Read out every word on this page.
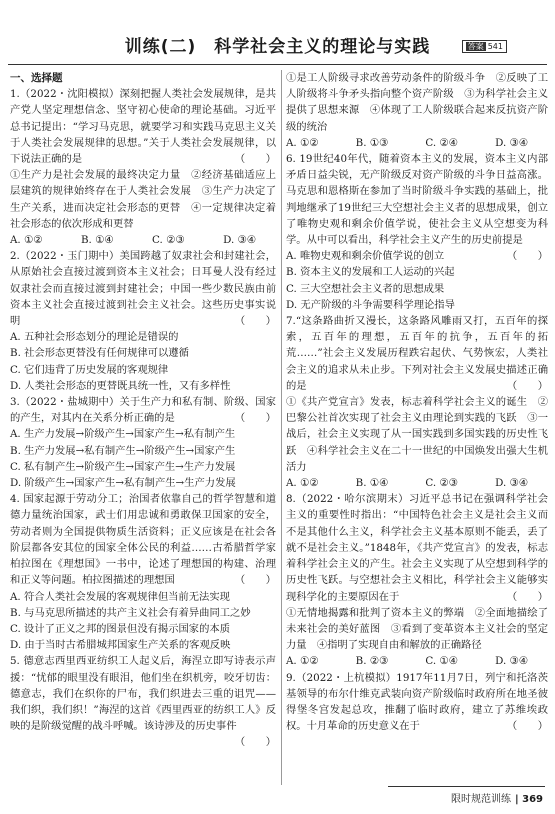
训练(二)　科学社会主义的理论与实践	答案 541

一、选择题

1.（2022・沈阳模拟）深刻把握人类社会发展规律，是共产党人坚定理想信念、坚守初心使命的理论基础。习近平总书记提出：“学习马克思，就要学习和实践马克思主义关于人类社会发展规律的思想。”关于人类社会发展规律，以下说法正确的是	（　　）

①生产力是社会发展的最终决定力量　②经济基础适应上层建筑的规律始终存在于人类社会发展　③生产力决定了生产关系，进而决定社会形态的更替　④一定规律决定着社会形态的依次形成和更替

A. ①②	B. ①④	C. ②③	D. ③④

2.（2022・玉门期中）美国跨越了奴隶社会和封建社会，从原始社会直接过渡到资本主义社会；日耳曼人没有经过奴隶社会而直接过渡到封建社会；中国一些少数民族由前资本主义社会直接过渡到社会主义社会。这些历史事实说明	（　　）

A. 五种社会形态划分的理论是错误的

B. 社会形态更替没有任何规律可以遵循

C. 它们违背了历史发展的客观规律

D. 人类社会形态的更替既具统一性，又有多样性

3.（2022・盐城期中）关于生产力和私有制、阶级、国家的产生，对其内在关系分析正确的是	（　　）

A. 生产力发展→阶级产生→国家产生→私有制产生

B. 生产力发展→私有制产生→阶级产生→国家产生

C. 私有制产生→阶级产生→国家产生→生产力发展

D. 阶级产生→国家产生→私有制产生→生产力发展

4. 国家起源于劳动分工；治国者依靠自己的哲学智慧和道德力量统治国家，武士们用忠诚和勇敢保卫国家的安全，劳动者则为全国提供物质生活资料；正义应该是在社会各阶层都各安其位的国家全体公民的利益……古希腊哲学家柏拉图在《理想国》一书中，论述了理想国的构建、治理和正义等问题。柏拉图描述的理想国	（　　）

A. 符合人类社会发展的客观规律但当前无法实现

B. 与马克思所描述的共产主义社会有着异曲同工之妙

C. 设计了正义之邦的图景但没有揭示国家的本质

D. 由于当时古希腊城邦国家生产关系的客观反映

5. 德意志西里西亚纺织工人起义后，海涅立即写诗表示声援：“忧郁的眼里没有眼泪，他们坐在织机旁，咬牙切齿：德意志，我们在织你的尸布，我们织进去三重的诅咒——我们织，我们织！”海涅的这首《西里西亚的纺织工人》反映的是阶级觉醒的战斗呼喊。该诗涉及的历史事件
（　　）

①是工人阶级寻求改善劳动条件的阶级斗争　②反映了工人阶级将斗争矛头指向整个资产阶级　③为科学社会主义提供了思想来源　④体现了工人阶级联合起来反抗资产阶级的统治

A. ①②	B. ①③	C. ②④	D. ③④

6. 19世纪40年代，随着资本主义的发展，资本主义内部矛盾日益尖锐，无产阶级反对资产阶级的斗争日益高涨。马克思和恩格斯在参加了当时阶级斗争实践的基础上，批判地继承了19世纪三大空想社会主义者的思想成果，创立了唯物史观和剩余价值学说，使社会主义从空想变为科学。从中可以看出，科学社会主义产生的历史前提是
（　　）

A. 唯物史观和剩余价值学说的创立

B. 资本主义的发展和工人运动的兴起

C. 三大空想社会主义者的思想成果

D. 无产阶级的斗争需要科学理论指导

7.“这条路曲折又漫长，这条路风雕雨又打，五百年的探索，五百年的理想，五百年的抗争，五百年的拓荒……”社会主义发展历程跌宕起伏、气势恢宏，人类社会主义的追求从未止步。下列对社会主义发展史描述正确的是	（　　）

①《共产党宣言》发表，标志着科学社会主义的诞生　②巴黎公社首次实现了社会主义由理论到实践的飞跃　③一战后，社会主义实现了从一国实践到多国实践的历史性飞跃　④科学社会主义在二十一世纪的中国焕发出强大生机活力

A. ①②	B. ①④	C. ②③	D. ③④

8.（2022・哈尔滨期末）习近平总书记在强调科学社会主义的重要性时指出：“中国特色社会主义是社会主义而不是其他什么主义，科学社会主义基本原则不能丢，丢了就不是社会主义。”1848年，《共产党宣言》的发表，标志着科学社会主义的产生。社会主义实现了从空想到科学的历史性飞跃。与空想社会主义相比，科学社会主义能够实现科学化的主要原因在于	（　　）

①无情地揭露和批判了资本主义的弊端　②全面地描绘了未来社会的美好蓝图　③看到了变革资本主义社会的坚定力量　④指明了实现自由和解放的正确路径

A. ①②	B. ②③	C. ①④	D. ③④

9.（2022・上杭模拟）1917年11月7日，列宁和托洛茨基领导的布尔什维克武装向资产阶级临时政府所在地圣彼得堡冬宫发起总攻，推翻了临时政府，建立了苏维埃政权。十月革命的历史意义在于	（　　）

限时规范训练 | 369
